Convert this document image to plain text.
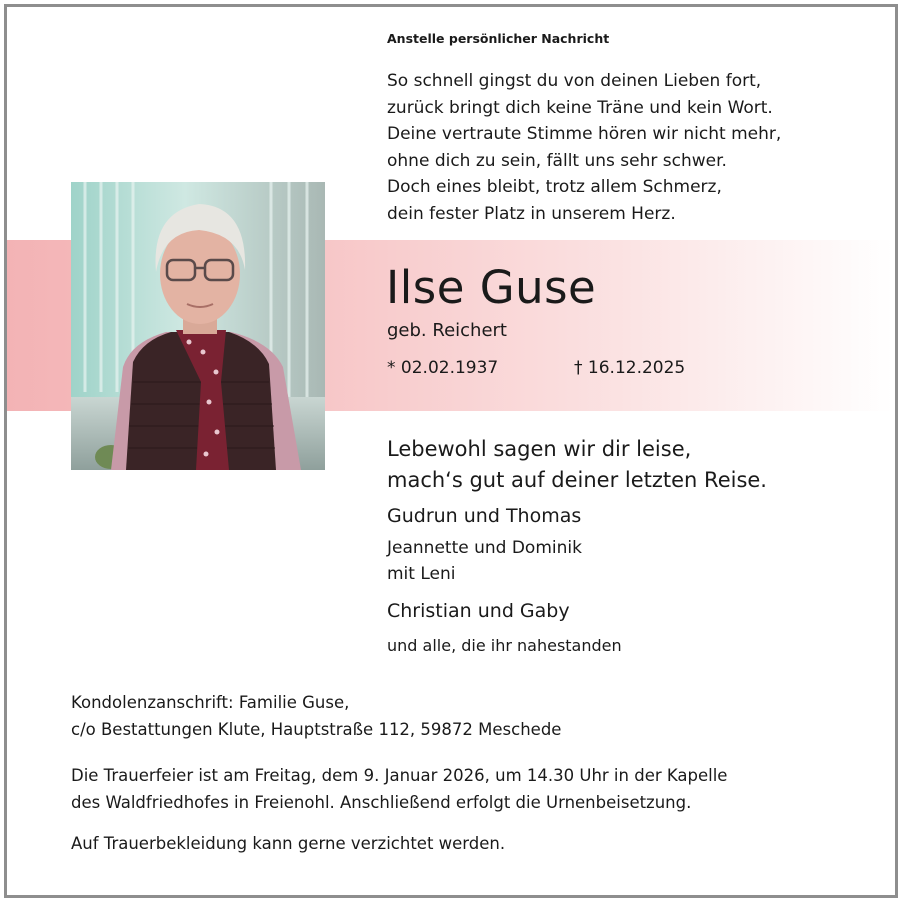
Anstelle persönlicher Nachricht
So schnell gingst du von deinen Lieben fort,
zurück bringt dich keine Träne und kein Wort.
Deine vertraute Stimme hören wir nicht mehr,
ohne dich zu sein, fällt uns sehr schwer.
Doch eines bleibt, trotz allem Schmerz,
dein fester Platz in unserem Herz.
Ilse Guse
geb. Reichert
* 02.02.1937	† 16.12.2025
Lebewohl sagen wir dir leise,
mach‘s gut auf deiner letzten Reise.
Gudrun und Thomas
Jeannette und Dominik
mit Leni
Christian und Gaby
und alle, die ihr nahestanden
Kondolenzanschrift: Familie Guse,
c/o Bestattungen Klute, Hauptstraße 112, 59872 Meschede
Die Trauerfeier ist am Freitag, dem 9. Januar 2026, um 14.30 Uhr in der Kapelle
des Waldfriedhofes in Freienohl. Anschließend erfolgt die Urnenbeisetzung.
Auf Trauerbekleidung kann gerne verzichtet werden.
